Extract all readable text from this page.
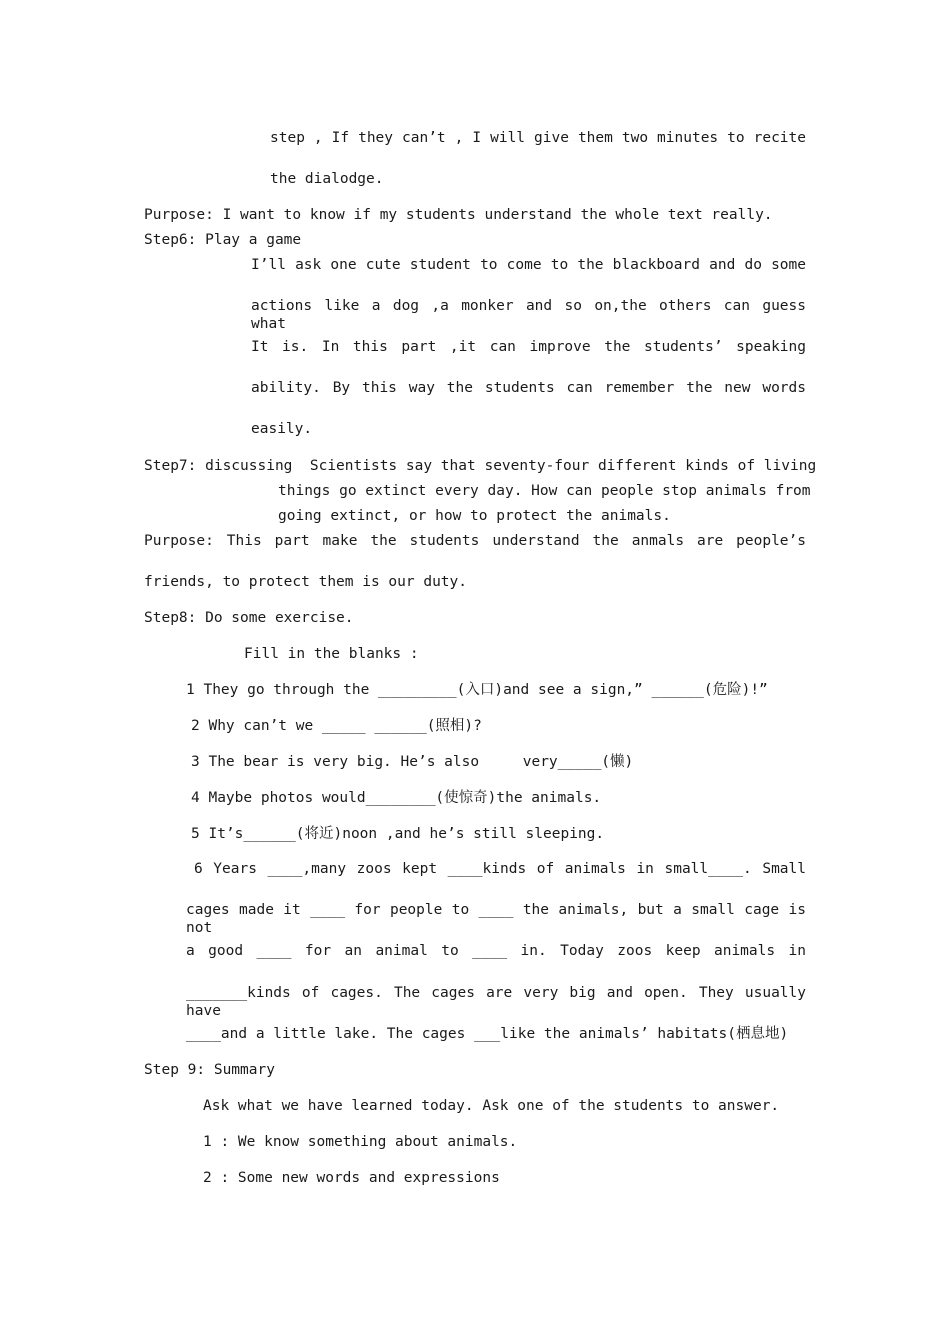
step , If they can’t , I will give them two minutes to recite
the dialodge.
Purpose: I want to know if my students understand the whole text really.
Step6: Play a game
I’ll ask one cute student to come to the blackboard and do some
actions like a dog ,a monker and so on,the others can guess what
It is. In this part ,it can improve the students’ speaking
ability. By this way the students can remember the new words
easily.
Step7: discussing  Scientists say that seventy-four different kinds of living
things go extinct every day. How can people stop animals from
going extinct, or how to protect the animals.
Purpose: This part make the students understand the anmals are people’s
friends, to protect them is our duty.
Step8: Do some exercise.
Fill in the blanks :
1 They go through the _________(入口)and see a sign,” ______(危险)!”
2 Why can’t we _____ ______(照相)?
3 The bear is very big. He’s also     very_____(懒)
4 Maybe photos would________(使惊奇)the animals.
5 It’s______(将近)noon ,and he’s still sleeping.
6 Years ____,many zoos kept ____kinds of animals in small____. Small
cages made it ____ for people to ____ the animals, but a small cage is not
a good ____ for an animal to ____ in. Today zoos keep animals in
_______kinds of cages. The cages are very big and open. They usually have
____and a little lake. The cages ___like the animals’ habitats(栖息地)
Step 9: Summary
Ask what we have learned today. Ask one of the students to answer.
1 : We know something about animals.
2 : Some new words and expressions
